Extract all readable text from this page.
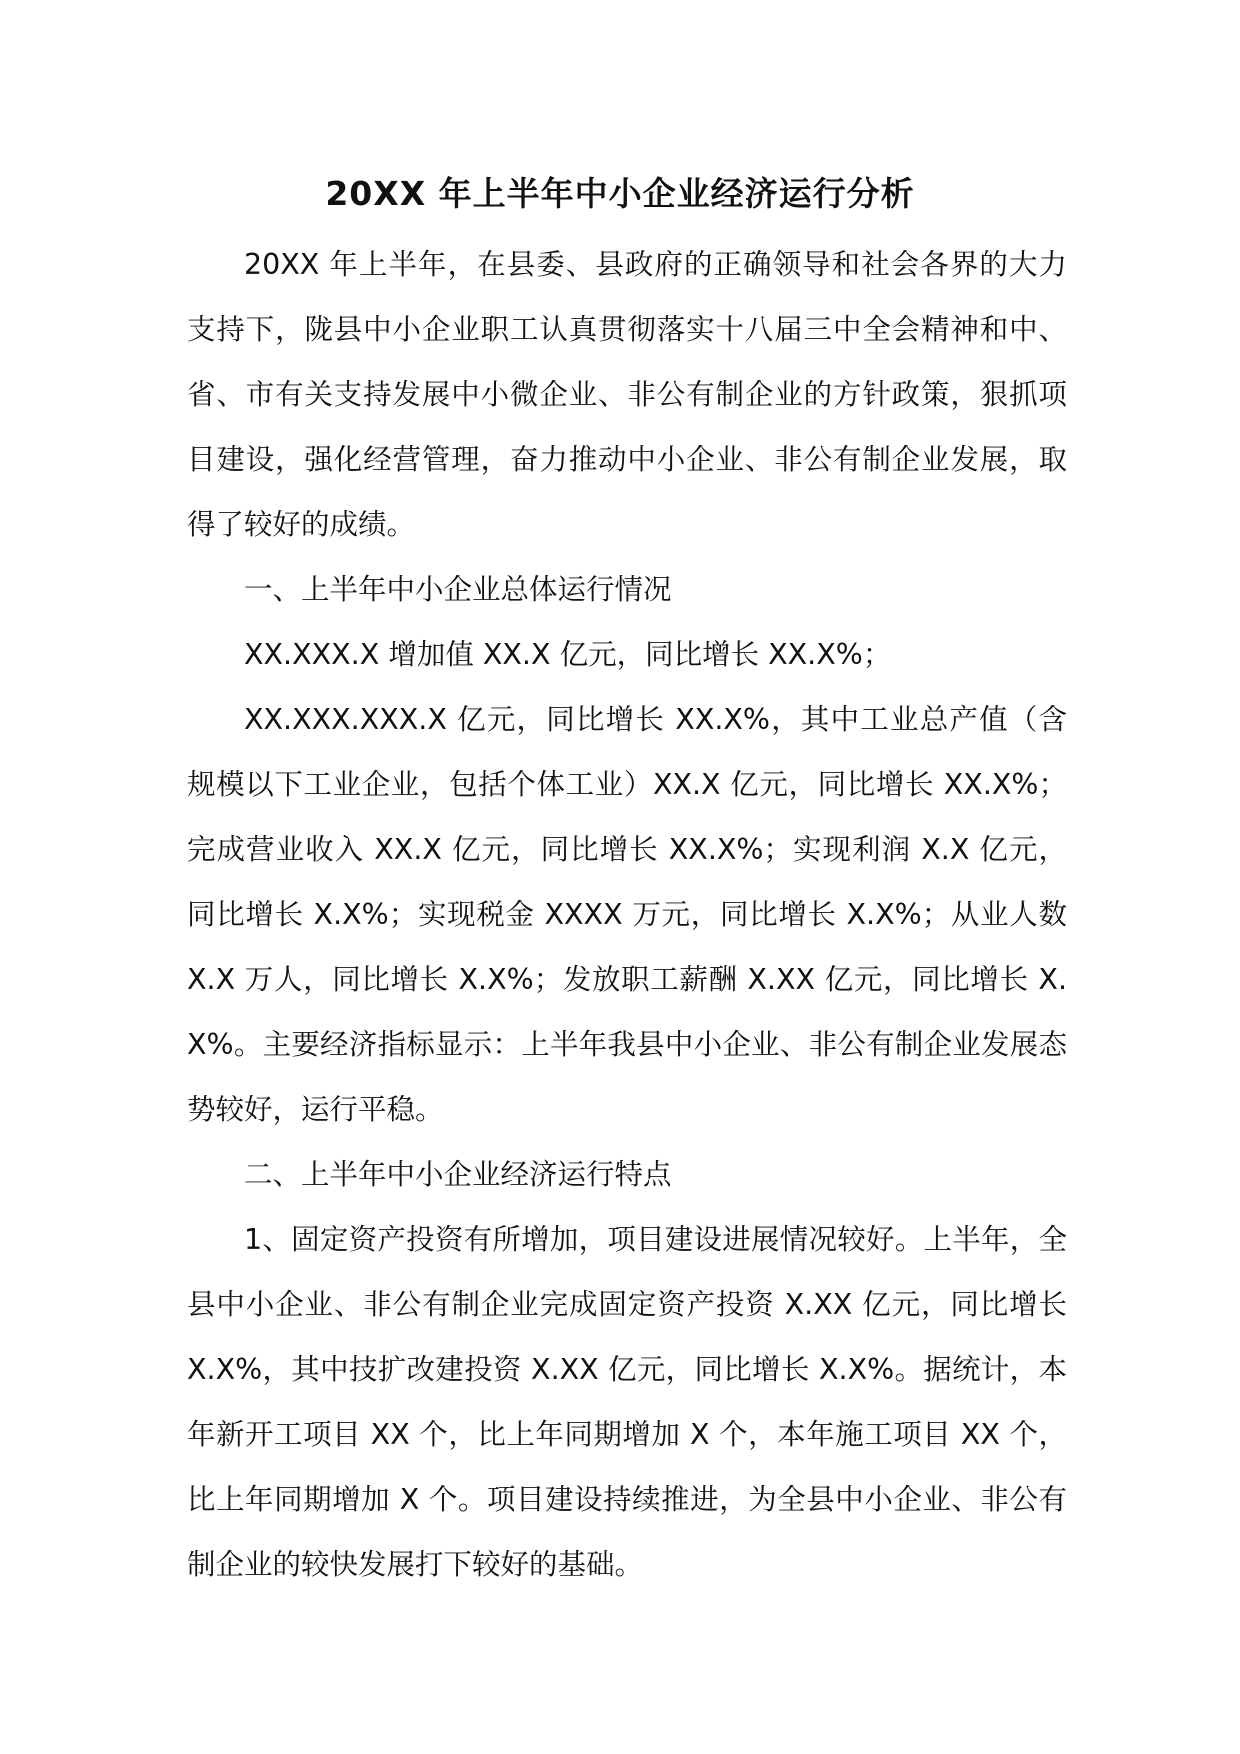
20XX 年上半年中小企业经济运行分析

20XX 年上半年，在县委、县政府的正确领导和社会各界的大力支持下，陇县中小企业职工认真贯彻落实十八届三中全会精神和中、省、市有关支持发展中小微企业、非公有制企业的方针政策，狠抓项目建设，强化经营管理，奋力推动中小企业、非公有制企业发展，取得了较好的成绩。

一、上半年中小企业总体运行情况

XX.XXX.X 增加值 XX.X 亿元，同比增长 XX.X%；

XX.XXX.XXX.X 亿元，同比增长 XX.X%，其中工业总产值（含规模以下工业企业，包括个体工业）XX.X 亿元，同比增长 XX.X%；完成营业收入 XX.X 亿元，同比增长 XX.X%；实现利润 X.X 亿元，同比增长 X.X%；实现税金 XXXX 万元，同比增长 X.X%；从业人数 X.X 万人，同比增长 X.X%；发放职工薪酬 X.XX 亿元，同比增长 X.X%。主要经济指标显示：上半年我县中小企业、非公有制企业发展态势较好，运行平稳。

二、上半年中小企业经济运行特点

1、固定资产投资有所增加，项目建设进展情况较好。上半年，全县中小企业、非公有制企业完成固定资产投资 X.XX 亿元，同比增长 X.X%，其中技扩改建投资 X.XX 亿元，同比增长 X.X%。据统计，本年新开工项目 XX 个，比上年同期增加 X 个，本年施工项目 XX 个，比上年同期增加 X 个。项目建设持续推进，为全县中小企业、非公有制企业的较快发展打下较好的基础。
